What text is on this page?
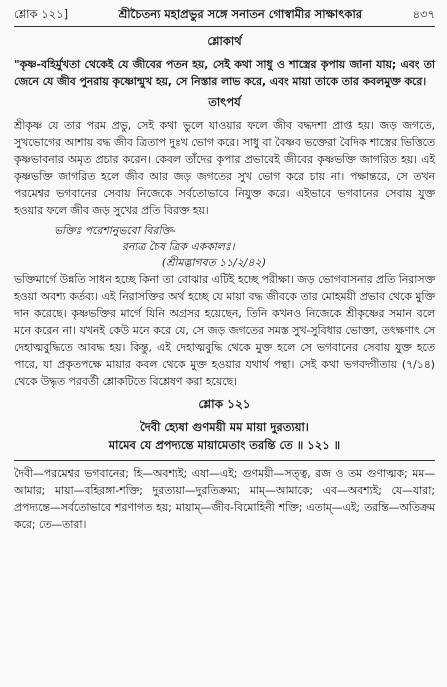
শ্লোক ১২১]	শ্রীচৈতন্য মহাপ্রভুর সঙ্গে সনাতন গোস্বামীর সাক্ষাৎকার	৪৩৭
শ্লোকার্থ

"কৃষ্ণ-বহির্মুখতা থেকেই যে জীবের পতন হয়, সেই কথা সাধু ও শাস্ত্রের কৃপায় জানা যায়; এবং তা জেনে যে জীব পুনরায় কৃষ্ণোন্মুখ হয়, সে নিস্তার লাভ করে, এবং মায়া তাকে তার কবলমুক্ত করে।

তাৎপর্য

শ্রীকৃষ্ণ যে তার পরম প্রভু, সেই কথা ভুলে যাওয়ার ফলে জীব বদ্ধদশা প্রাপ্ত হয়। জড় জগতে, সুখভোগের আশায় বদ্ধ জীব ত্রিতাপ দুঃখ ভোগ করে। সাধু বা বৈষ্ণব ভক্তেরা বৈদিক শাস্ত্রের ভিত্তিতে কৃষ্ণভাবনার অমৃত প্রচার করেন। কেবল তাঁদের কৃপার প্রভাবেই জীবের কৃষ্ণভক্তি জাগরিত হয়। এই কৃষ্ণভক্তি জাগরিত হলে জীব আর জড় জগতের সুখ ভোগ করে চায় না। পক্ষান্তরে, সে তখন পরমেশ্বর ভগবানের সেবায় নিজেকে সর্বতোভাবে নিযুক্ত করে। এইভাবে ভগবানের সেবায় যুক্ত হওয়ার ফলে জীব জড় সুখের প্রতি বিরক্ত হয়।

ভক্তিঃ পরেশানুভবো বিরক্তি-
রন্যত্র চৈষ ত্রিক এককালঃ।
(শ্রীমদ্ভাগবত ১১/২/৪২)

ভক্তিমার্গে উন্নতি সাধন হচ্ছে কিনা তা বোঝার এটিই হচ্ছে পরীক্ষা। জড় ভোগবাসনার প্রতি নিরাসক্ত হওয়া অবশ্য কর্তব্য। এই নিরাসক্তির অর্থ হচ্ছে যে মায়া বদ্ধ জীবকে তার মোহময়ী প্রভাব থেকে মুক্তি দান করেছে। কৃষ্ণভক্তির মার্গে যিনি অগ্রসর হয়েছেন, তিনি কখনও নিজেকে শ্রীকৃষ্ণের সমান বলে মনে করেন না। যখনই কেউ মনে করে যে, সে জড় জগতের সমস্ত সুখ-সুবিধার ভোক্তা, তৎক্ষণাৎ সে দেহাত্মবুদ্ধিতে আবদ্ধ হয়। কিন্তু, এই দেহাত্মবুদ্ধি থেকে মুক্ত হলে সে ভগবানের সেবায় যুক্ত হতে পারে, যা প্রকৃতপক্ষে মায়ার কবল থেকে মুক্ত হওয়ার যথার্থ পন্থা। সেই কথা ভগবদ্গীতায় (৭/১৪) থেকে উদ্ধৃত পরবর্তী শ্লোকটিতে বিশ্লেষণ করা হয়েছে।

শ্লোক ১২১
দৈবী হ্যেষা গুণময়ী মম মায়া দুরত্যয়া।
মামেব যে প্রপদ্যন্তে মায়ামেতাং তরন্তি তে ॥ ১২১ ॥

দৈবী—পরমেশ্বর ভগবানের; হি—অবশ্যই; এষা—এই; গুণময়ী—সত্ত্ব, রজ ও তম গুণাত্মক; মম—আমার; মায়া—বহিরঙ্গা-শক্তি; দুরত্যয়া—দুরতিক্রম্য; মাম্—আমাকে; এব—অবশ্যই; যে—যারা; প্রপদ্যন্তে—সর্বতোভাবে শরণাগত হয়; মায়াম্—জীব-বিমোহিনী শক্তি; এতাম্—এই; তরন্তি—অতিক্রম করে; তে—তারা।
